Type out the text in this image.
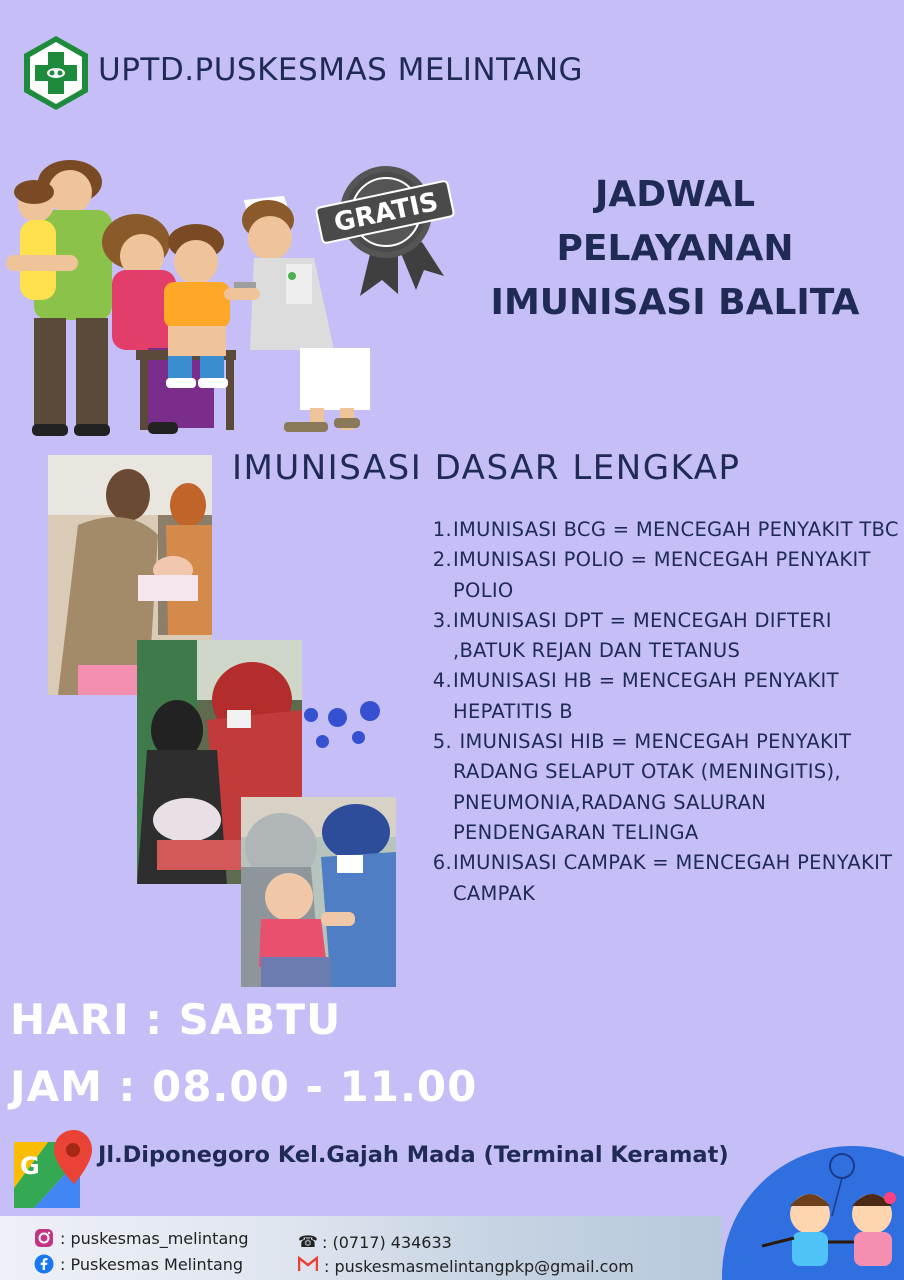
UPTD.PUSKESMAS MELINTANG
GRATIS	JADWAL
PELAYANAN
IMUNISASI BALITA
IMUNISASI DASAR LENGKAP
1. IMUNISASI BCG = MENCEGAH PENYAKIT TBC
2. IMUNISASI POLIO = MENCEGAH PENYAKIT
POLIO
3. IMUNISASI DPT = MENCEGAH DIFTERI
,BATUK REJAN DAN TETANUS
4. IMUNISASI HB = MENCEGAH PENYAKIT
HEPATITIS B
5. IMUNISASI HIB = MENCEGAH PENYAKIT
RADANG SELAPUT OTAK (MENINGITIS),
PNEUMONIA,RADANG SALURAN
PENDENGARAN TELINGA
6. IMUNISASI CAMPAK = MENCEGAH PENYAKIT
CAMPAK
HARI : SABTU
JAM : 08.00 - 11.00
G	Jl.Diponegoro Kel.Gajah Mada (Terminal Keramat)
: puskesmas_melintang
: Puskesmas Melintang
☎ : (0717) 434633
: puskesmasmelintangpkp@gmail.com
